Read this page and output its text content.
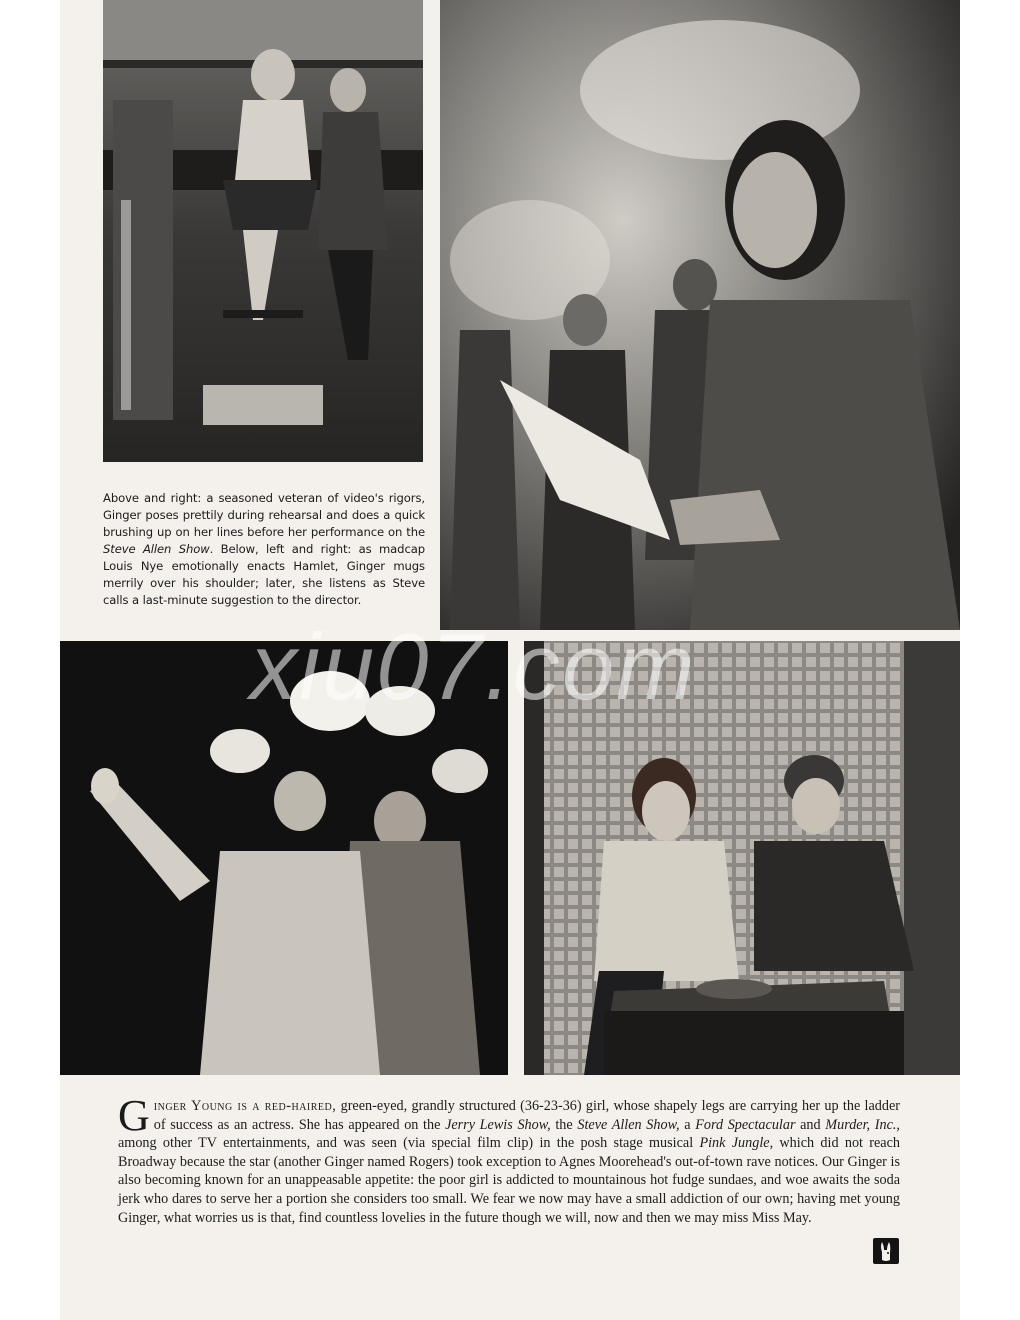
Above and right: a seasoned veteran of video's rigors, Ginger poses prettily during rehearsal and does a quick brushing up on her lines before her performance on the Steve Allen Show. Below, left and right: as madcap Louis Nye emotionally enacts Hamlet, Ginger mugs merrily over his shoulder; later, she listens as Steve calls a last-minute suggestion to the director.
xiu07.com

Ginger Young is a red-haired, green-eyed, grandly structured (36-23-36) girl, whose shapely legs are carrying her up the ladder of success as an actress. She has appeared on the Jerry Lewis Show, the Steve Allen Show, a Ford Spectacular and Murder, Inc., among other TV entertainments, and was seen (via special film clip) in the posh stage musical Pink Jungle, which did not reach Broadway because the star (another Ginger named Rogers) took exception to Agnes Moorehead's out-of-town rave notices. Our Ginger is also becoming known for an unappeasable appetite: the poor girl is addicted to mountainous hot fudge sundaes, and woe awaits the soda jerk who dares to serve her a portion she considers too small. We fear we now may have a small addiction of our own; having met young Ginger, what worries us is that, find countless lovelies in the future though we will, now and then we may miss Miss May.
